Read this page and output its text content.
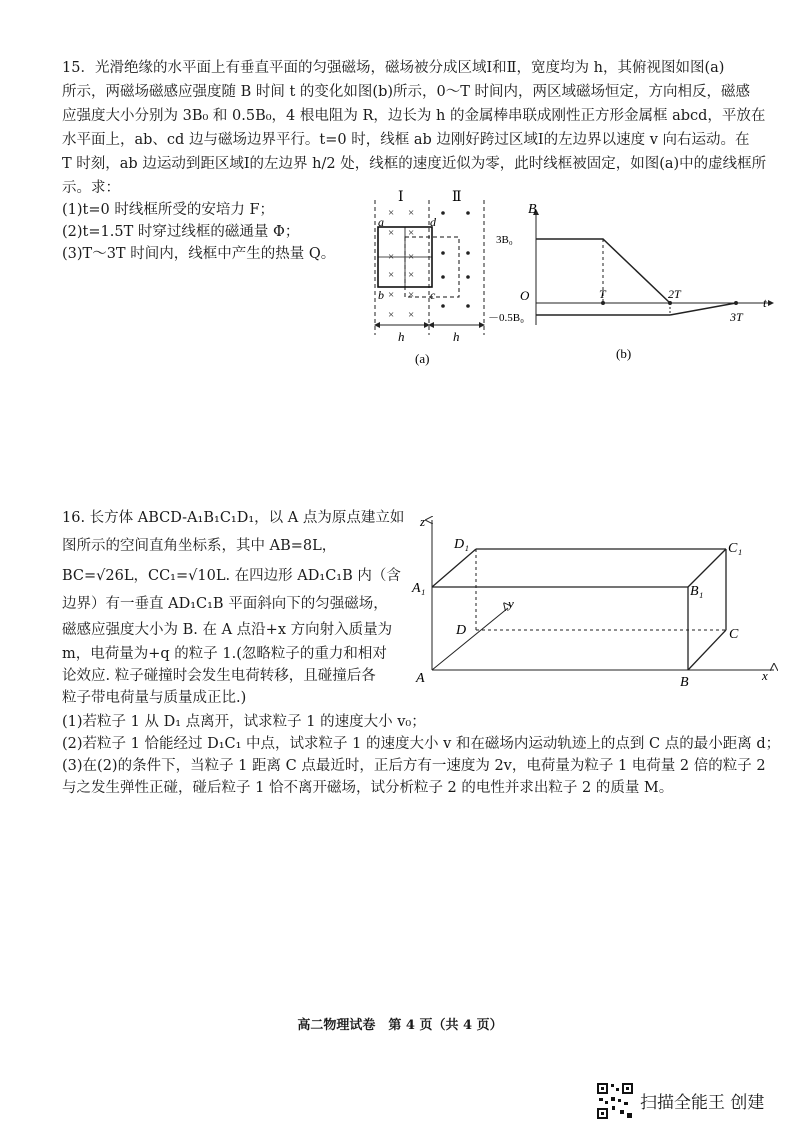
15．光滑绝缘的水平面上有垂直平面的匀强磁场，磁场被分成区域Ⅰ和Ⅱ，宽度均为 h，其俯视图如图(a)
所示，两磁场磁感应强度随 B 时间 t 的变化如图(b)所示，0～T 时间内，两区域磁场恒定，方向相反，磁感
应强度大小分别为 3B₀ 和 0.5B₀，4 根电阻为 R，边长为 h 的金属棒串联成刚性正方形金属框 abcd，平放在
水平面上，ab、cd 边与磁场边界平行。t=0 时，线框 ab 边刚好跨过区域Ⅰ的左边界以速度 v 向右运动。在
T 时刻，ab 边运动到距区域Ⅰ的左边界 h/2 处，线框的速度近似为零，此时线框被固定，如图(a)中的虚线框所
示。求：
(1)t=0 时线框所受的安培力 F；
(2)t=1.5T 时穿过线框的磁通量 Φ；
(3)T～3T 时间内，线框中产生的热量 Q。
Ⅰ	Ⅱ
× ×
× ×
× ×
× ×
× ×
× ×
a
b	c
d
h	h
(a)
B
t
O
3B₀
－0.5B₀
T	2T
3T
(b)
16. 长方体 ABCD-A₁B₁C₁D₁，以 A 点为原点建立如
图所示的空间直角坐标系，其中 AB=8L，
BC=√26L，CC₁=√10L. 在四边形 AD₁C₁B 内（含
边界）有一垂直 AD₁C₁B 平面斜向下的匀强磁场，
磁感应强度大小为 B. 在 A 点沿+x 方向射入质量为
m，电荷量为+q 的粒子 1.(忽略粒子的重力和相对
论效应. 粒子碰撞时会发生电荷转移，且碰撞后各
粒子带电荷量与质量成正比.)
(1)若粒子 1 从 D₁ 点离开，试求粒子 1 的速度大小 v₀；
(2)若粒子 1 恰能经过 D₁C₁ 中点，试求粒子 1 的速度大小 v 和在磁场内运动轨迹上的点到 C 点的最小距离 d；
(3)在(2)的条件下，当粒子 1 距离 C 点最近时，正后方有一速度为 2v，电荷量为粒子 1 电荷量 2 倍的粒子 2
与之发生弹性正碰，碰后粒子 1 恰不离开磁场，试分析粒子 2 的电性并求出粒子 2 的质量 M。
z
x
y
A	B
C
D
A₁	B₁
C₁
D₁
高二物理试卷　第 4 页（共 4 页）
扫描全能王 创建
